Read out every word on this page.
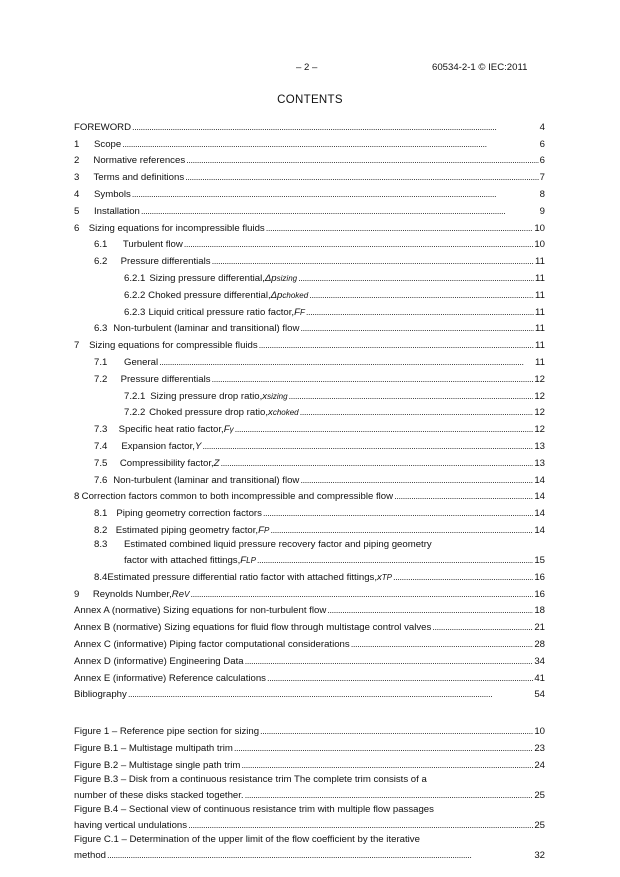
– 2 –	60534-2-1 © IEC:2011
CONTENTS
FOREWORD . . .	4
1	Scope . . .	6
2	Normative references . . .	6
3	Terms and definitions . . .	7
4	Symbols . . .	8
5	Installation . . .	9
6 Sizing equations for incompressible fluids . . .	10
6.1	Turbulent flow . . .	10
6.2	Pressure differentials . . .	11
6.2.1 Sizing pressure differential, Δp sizing . . .	11
6.2.2 Choked pressure differential, Δp choked . . .	11
6.2.3 Liquid critical pressure ratio factor, F F . . .	11
6.3 Non-turbulent (laminar and transitional) flow . . .	11
7	Sizing equations for compressible fluids . . .	11
7.1	General . . .	11
7.2	Pressure differentials . . .	12
7.2.1 Sizing pressure drop ratio, x sizing . . .	12
7.2.2 Choked pressure drop ratio, x choked . . .	12
7.3	Specific heat ratio factor, F γ . . .	12
7.4	Expansion factor, Y . . .	13
7.5	Compressibility factor, Z . . .	13
7.6 Non-turbulent (laminar and transitional) flow . . .	14
8 Correction factors common to both incompressible and compressible flow . . .	14
8.1 Piping geometry correction factors . . .	14
8.2 Estimated piping geometry factor, F P . . .	14
8.3 Estimated combined liquid pressure recovery factor and piping geometry
factor with attached fittings, F LP . . .	15
8.4 Estimated pressure differential ratio factor with attached fittings, x TP . . .	16
9	Reynolds Number, Re V . . .	16
Annex A (normative) Sizing equations for non-turbulent flow . . .	18
Annex B (normative) Sizing equations for fluid flow through multistage control valves . . .	21
Annex C (informative) Piping factor computational considerations . . .	28
Annex D (informative) Engineering Data . . .	34
Annex E (informative) Reference calculations . . .	41
Bibliography . . .	54
Figure 1 – Reference pipe section for sizing . . .	10
Figure B.1 – Multistage multipath trim . . .	23
Figure B.2 – Multistage single path trim . . .	24
Figure B.3 – Disk from a continuous resistance trim The complete trim consists of a
number of these disks stacked together. . . .	25
Figure B.4 – Sectional view of continuous resistance trim with multiple flow passages
having vertical undulations . . .	25
Figure C.1 – Determination of the upper limit of the flow coefficient by the iterative
method . . .	32
